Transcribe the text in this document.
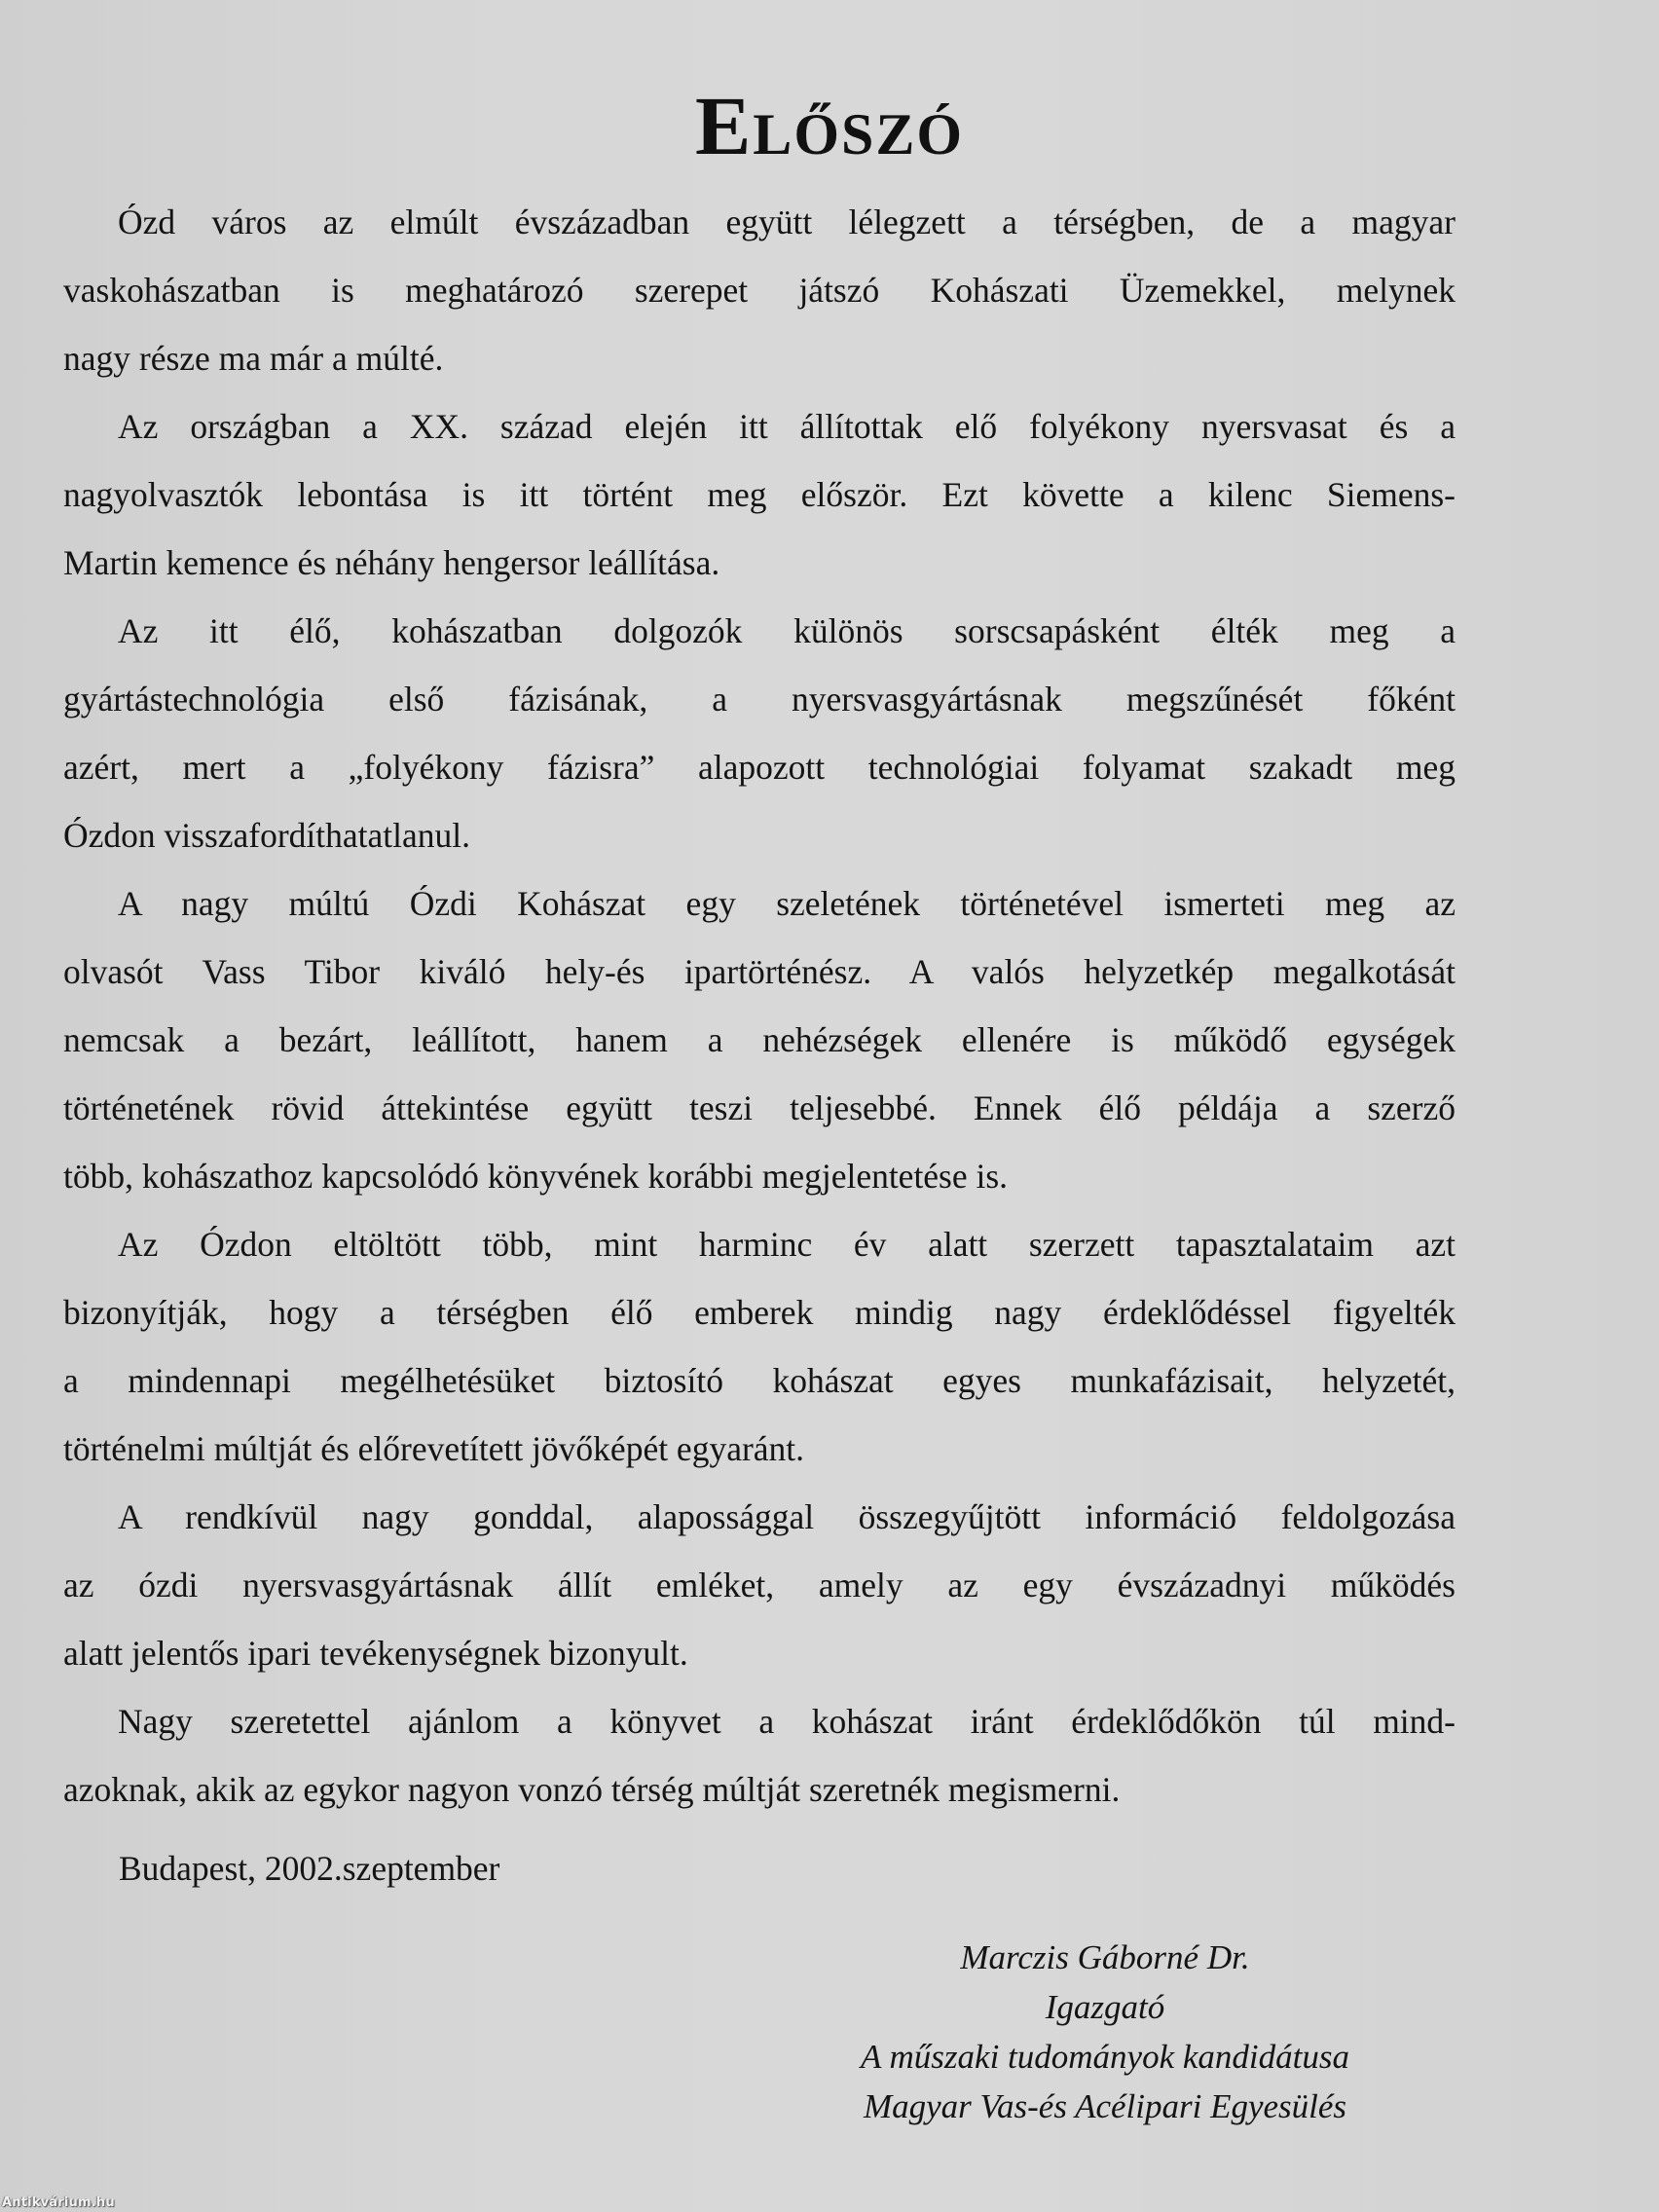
Előszó
Ózd város az elmúlt évszázadban együtt lélegzett a térségben, de a magyar
vaskohászatban is meghatározó szerepet játszó Kohászati Üzemekkel, melynek
nagy része ma már a múlté.
Az országban a XX. század elején itt állítottak elő folyékony nyersvasat és a
nagyolvasztók lebontása is itt történt meg először. Ezt követte a kilenc Siemens-
Martin kemence és néhány hengersor leállítása.
Az itt élő, kohászatban dolgozók különös sorscsapásként élték meg a
gyártástechnológia első fázisának, a nyersvasgyártásnak megszűnését főként
azért, mert a „folyékony fázisra” alapozott technológiai folyamat szakadt meg
Ózdon visszafordíthatatlanul.
A nagy múltú Ózdi Kohászat egy szeletének történetével ismerteti meg az
olvasót Vass Tibor kiváló hely-és ipartörténész. A valós helyzetkép megalkotását
nemcsak a bezárt, leállított, hanem a nehézségek ellenére is működő egységek
történetének rövid áttekintése együtt teszi teljesebbé. Ennek élő példája a szerző
több, kohászathoz kapcsolódó könyvének korábbi megjelentetése is.
Az Ózdon eltöltött több, mint harminc év alatt szerzett tapasztalataim azt
bizonyítják, hogy a térségben élő emberek mindig nagy érdeklődéssel figyelték
a mindennapi megélhetésüket biztosító kohászat egyes munkafázisait, helyzetét,
történelmi múltját és előrevetített jövőképét egyaránt.
A rendkívül nagy gonddal, alapossággal összegyűjtött információ feldolgozása
az ózdi nyersvasgyártásnak állít emléket, amely az egy évszázadnyi működés
alatt jelentős ipari tevékenységnek bizonyult.
Nagy szeretettel ajánlom a könyvet a kohászat iránt érdeklődőkön túl mind-
azoknak, akik az egykor nagyon vonzó térség múltját szeretnék megismerni.
Budapest, 2002.szeptember
Marczis Gáborné Dr.
Igazgató
A műszaki tudományok kandidátusa
Magyar Vas-és Acélipari Egyesülés
Antikvárium.hu
